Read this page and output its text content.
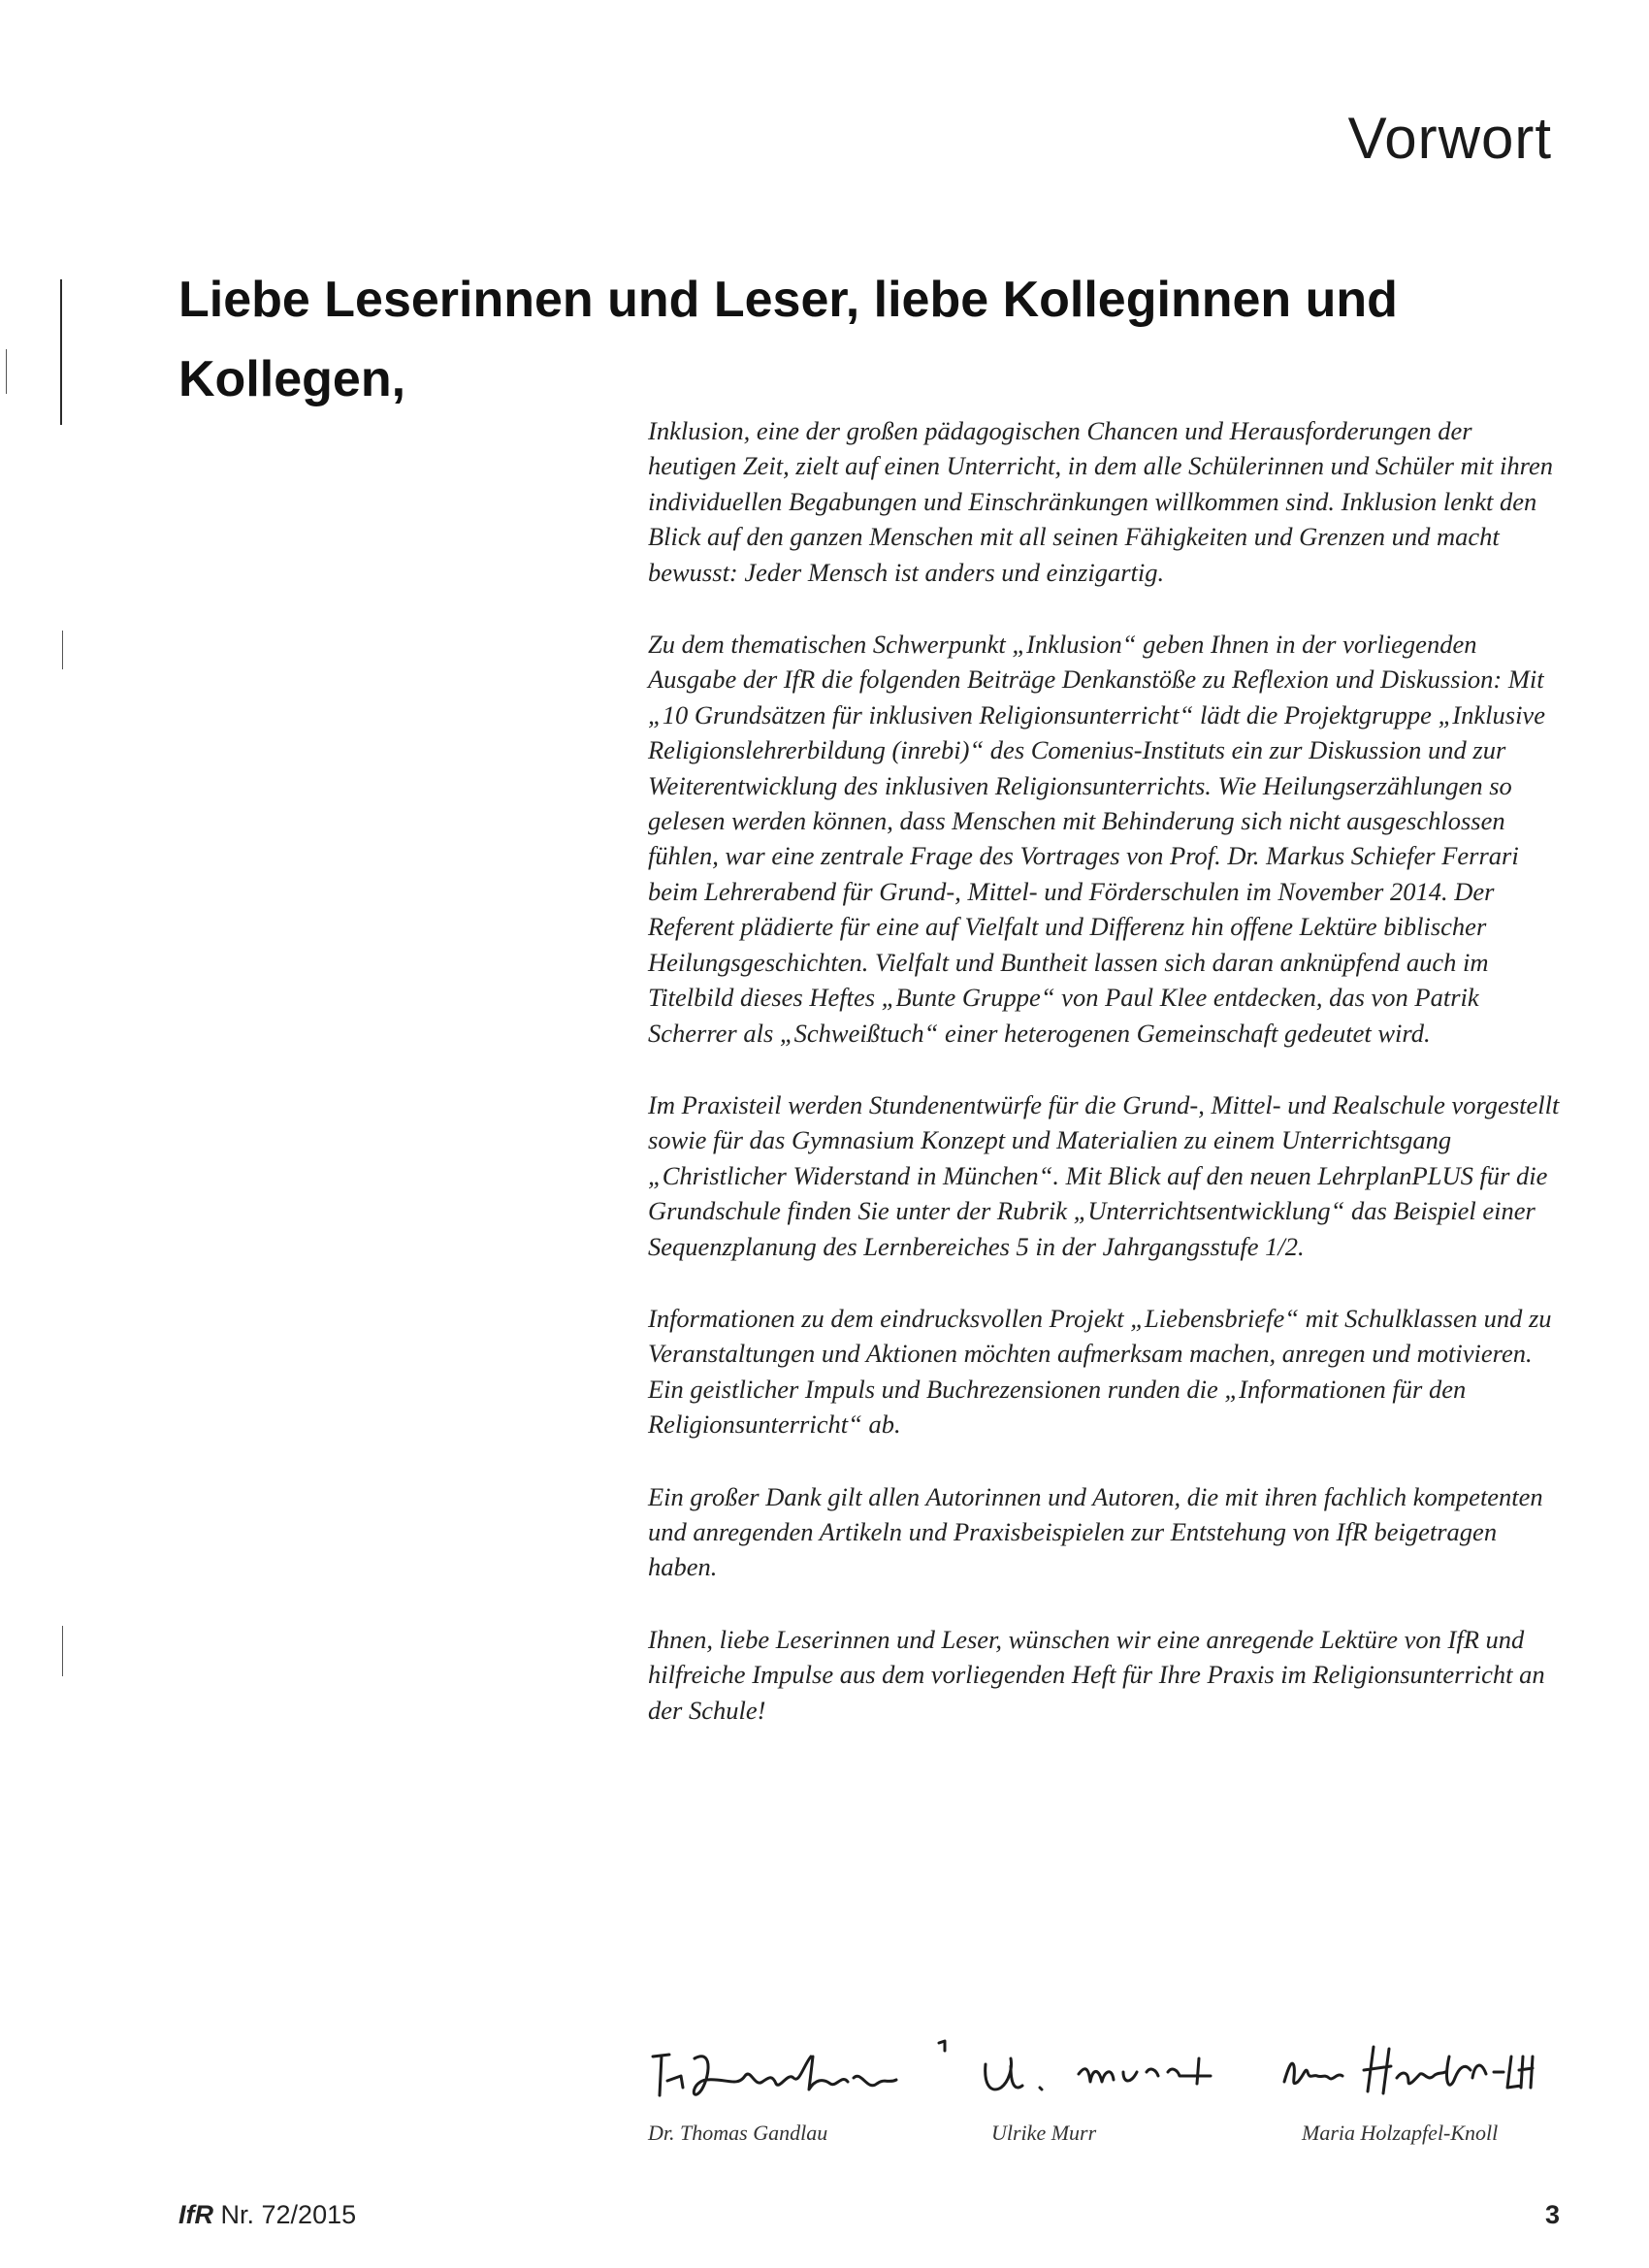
Vorwort
Liebe Leserinnen und Leser, liebe Kolleginnen und Kollegen,

Inklusion, eine der großen pädagogischen Chancen und Herausforderungen der heutigen Zeit, zielt auf einen Unterricht, in dem alle Schülerinnen und Schüler mit ihren individuellen Begabungen und Einschränkungen willkommen sind. Inklusion lenkt den Blick auf den ganzen Menschen mit all seinen Fähigkeiten und Grenzen und macht bewusst: Jeder Mensch ist anders und einzigartig.

Zu dem thematischen Schwerpunkt „Inklusion“ geben Ihnen in der vorliegenden Ausgabe der IfR die folgenden Beiträge Denkanstöße zu Reflexion und Diskussion: Mit „10 Grundsätzen für inklusiven Religionsunterricht“ lädt die Projektgruppe „Inklusive Religionslehrerbildung (inrebi)“ des Comenius-Instituts ein zur Diskussion und zur Weiterentwicklung des inklusiven Religionsunterrichts. Wie Heilungserzählungen so gelesen werden können, dass Menschen mit Behinderung sich nicht ausgeschlossen fühlen, war eine zentrale Frage des Vortrages von Prof. Dr. Markus Schiefer Ferrari beim Lehrerabend für Grund-, Mittel- und Förderschulen im November 2014. Der Referent plädierte für eine auf Vielfalt und Differenz hin offene Lektüre biblischer Heilungsgeschichten. Vielfalt und Buntheit lassen sich daran anknüpfend auch im Titelbild dieses Heftes „Bunte Gruppe“ von Paul Klee entdecken, das von Patrik Scherrer als „Schweißtuch“ einer heterogenen Gemeinschaft gedeutet wird.

Im Praxisteil werden Stundenentwürfe für die Grund-, Mittel- und Realschule vorgestellt sowie für das Gymnasium Konzept und Materialien zu einem Unterrichtsgang „Christlicher Widerstand in München“. Mit Blick auf den neuen LehrplanPLUS für die Grundschule finden Sie unter der Rubrik „Unterrichtsentwicklung“ das Beispiel einer Sequenzplanung des Lernbereiches 5 in der Jahrgangsstufe 1/2.

Informationen zu dem eindrucksvollen Projekt „Liebensbriefe“ mit Schulklassen und zu Veranstaltungen und Aktionen möchten aufmerksam machen, anregen und motivieren. Ein geistlicher Impuls und Buchrezensionen runden die „Informationen für den Religionsunterricht“ ab.

Ein großer Dank gilt allen Autorinnen und Autoren, die mit ihren fachlich kompetenten und anregenden Artikeln und Praxisbeispielen zur Entstehung von IfR beigetragen haben.

Ihnen, liebe Leserinnen und Leser, wünschen wir eine anregende Lektüre von IfR und hilfreiche Impulse aus dem vorliegenden Heft für Ihre Praxis im Religionsunterricht an der Schule!

Dr. Thomas Gandlau	Ulrike Murr	Maria Holzapfel-Knoll
IfR Nr. 72/2015	3
